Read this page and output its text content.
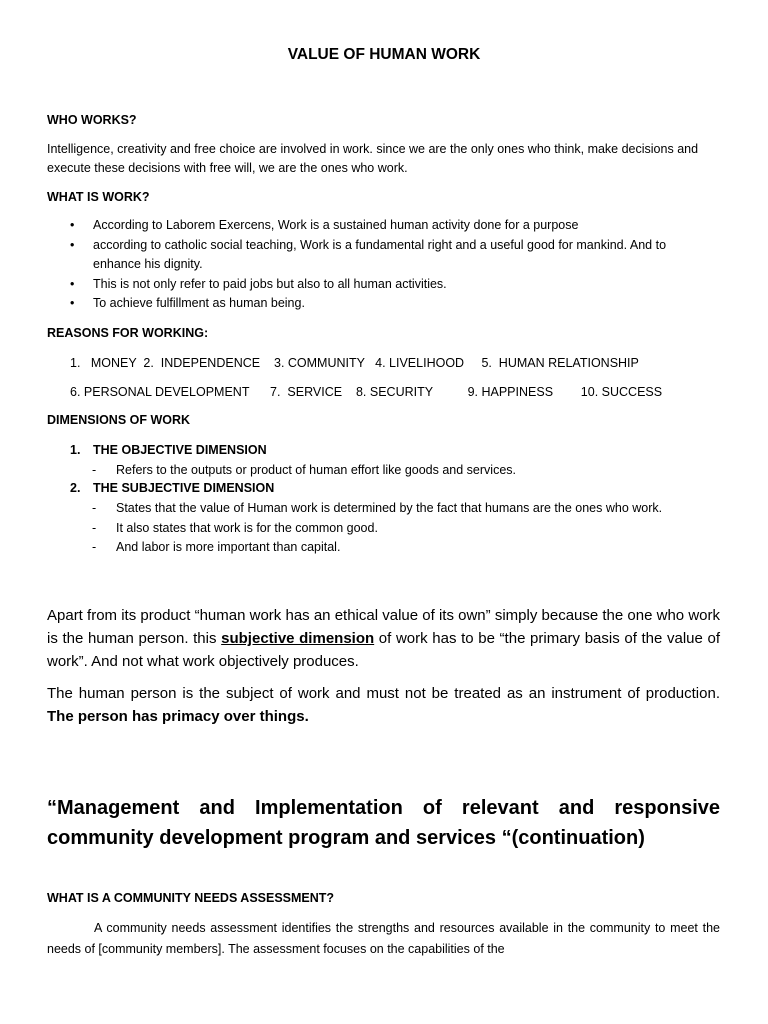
VALUE OF HUMAN WORK
WHO WORKS?
Intelligence, creativity and free choice are involved in work. since we are the only ones who think, make decisions and execute these decisions with free will, we are the ones who work.
WHAT IS WORK?
• According to Laborem Exercens, Work is a sustained human activity done for a purpose
• according to catholic social teaching, Work is a fundamental right and a useful good for mankind. And to enhance his dignity.
• This is not only refer to paid jobs but also to all human activities.
• To achieve fulfillment as human being.
REASONS FOR WORKING:
1.   MONEY  2.  INDEPENDENCE    3. COMMUNITY   4. LIVELIHOOD     5.  HUMAN RELATIONSHIP
6. PERSONAL DEVELOPMENT      7.  SERVICE    8. SECURITY          9. HAPPINESS        10. SUCCESS
DIMENSIONS OF WORK
1. THE OBJECTIVE DIMENSION
- Refers to the outputs or product of human effort like goods and services.
2. THE SUBJECTIVE DIMENSION
- States that the value of Human work is determined by the fact that humans are the ones who work.
- It also states that work is for the common good.
- And labor is more important than capital.
Apart from its product “human work has an ethical value of its own” simply because the one who work is the human person. this subjective dimension of work has to be “the primary basis of the value of work”. And not what work objectively produces.
The human person is the subject of work and must not be treated as an instrument of production. The person has primacy over things.
“Management and Implementation of relevant and responsive community development program and services “(continuation)
WHAT IS A COMMUNITY NEEDS ASSESSMENT?
A community needs assessment identifies the strengths and resources available in the community to meet the needs of [community members]. The assessment focuses on the capabilities of the
